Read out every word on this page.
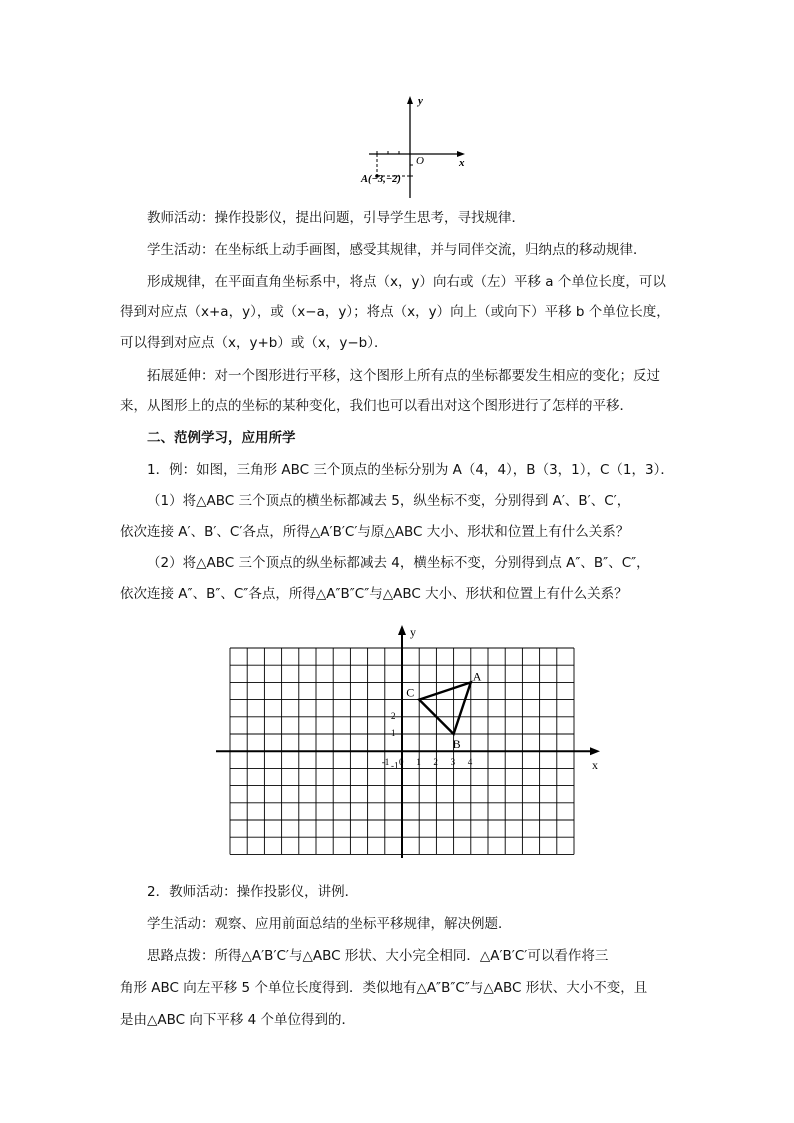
y
x
O
A(−3,−2)
教师活动：操作投影仪，提出问题，引导学生思考，寻找规律．
学生活动：在坐标纸上动手画图，感受其规律，并与同伴交流，归纳点的移动规律．
形成规律，在平面直角坐标系中，将点（x，y）向右或（左）平移 a 个单位长度，可以
得到对应点（x+a，y），或（x−a，y）；将点（x，y）向上（或向下）平移 b 个单位长度，
可以得到对应点（x，y+b）或（x，y−b）．
拓展延伸：对一个图形进行平移，这个图形上所有点的坐标都要发生相应的变化；反过
来，从图形上的点的坐标的某种变化，我们也可以看出对这个图形进行了怎样的平移．
二、范例学习，应用所学
1．例：如图，三角形 ABC 三个顶点的坐标分别为 A（4，4），B（3，1），C（1，3）．
（1）将△ABC 三个顶点的横坐标都减去 5，纵坐标不变，分别得到 A′、B′、C′，
依次连接 A′、B′、C′各点，所得△A′B′C′与原△ABC 大小、形状和位置上有什么关系？
（2）将△ABC 三个顶点的纵坐标都减去 4，横坐标不变，分别得到点 A″、B″、C″，
依次连接 A″、B″、C″各点，所得△A″B″C″与△ABC 大小、形状和位置上有什么关系？
y
x
A
B
C
-1 0 1 2 3 4
2
1
-1
2．教师活动：操作投影仪，讲例．
学生活动：观察、应用前面总结的坐标平移规律，解决例题．
思路点拨：所得△A′B′C′与△ABC 形状、大小完全相同．△A′B′C′可以看作将三
角形 ABC 向左平移 5 个单位长度得到．类似地有△A″B″C″与△ABC 形状、大小不变，且
是由△ABC 向下平移 4 个单位得到的．
